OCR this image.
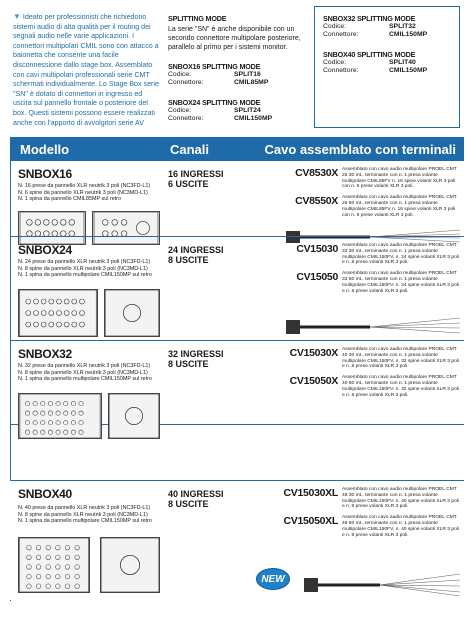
▼ Ideato per professionisti che richiedono sistemi audio di alta qualità per il routing dei segnali audio nelle varie applicazioni. I connettori multipolari CMIL sono con attacco a baionetta che consente una facile disconnessione dallo stage box. Assemblato con cavi multipolari professionali serie CMT schermati individualmente. Lo Stage Box serie "SN" è dotato di connettori in ingresso ed uscita sul pannello frontale o posteriore del box. Questi sistemi possono essere realizzati anche con l'apporto di avvolgitori serie AV
SPLITTING MODE

La serie "SN" è anche disponibile con un secondo connettore multipolare posteriore, parallelo al primo per i sistemi monitor.

SNBOX16 SPLITTING MODE
Codice:	SPLIT16
Connettore:	CMIL85MP
SNBOX24 SPLITTING MODE
Codice:	SPLIT24
Connettore:	CMIL150MP
SNBOX32 SPLITTING MODE
Codice:	SPLIT32
Connettore:	CMIL150MP
SNBOX40 SPLITTING MODE
Codice:	SPLIT40
Connettore:	CMIL150MP
Modello	Canali	Cavo assemblato con terminali
SNBOX16
N. 16 prese da pannello XLR neutrik 3 poli (NC3FD-L1)
N. 6 spine da pannello XLR neutrik 3 poli (NC3MD-L1)
N. 1 spina da pannello CMIL85MP sul retro
16 INGRESSI
6 USCITE
CV8530X Assemblato con cavo audio multipolare PROEL CMT 25 30 mt., terminante con n. 1 presa volante multipolare CMIL85FV n. 16 spine volanti XLR 3 poli con n. 6 prese volanti XLR 3 poli.
CV8550X Assemblato con cavo audio multipolare PROEL CMT 25 50 mt., terminante con n. 1 presa volante multipolare CMIL85FV n. 16 spine volanti XLR 3 poli con n. 6 prese volanti XLR 3 poli.
SNBOX24
N. 24 prese da pannello XLR neutrik 3 poli (NC3FD-L1)
N. 8 spine da pannello XLR neutrik 3 poli (NC3MD-L1)
N. 1 spina da pannello multipolare CMIL150MP sul retro
24 INGRESSI
8 USCITE
CV15030 Assemblato con cavo audio multipolare PROEL CMT 33 30 mt., terminante con n. 1 presa volante multipolare CMIL150FV, n. 24 spine volanti XLR 3 poli e n. 8 prese volanti XLR 3 poli.
CV15050 Assemblato con cavo audio multipolare PROEL CMT 33 50 mt., terminante con n. 1 presa volante multipolare CMIL150FV, n. 24 spine volanti XLR 3 poli e n. 8 prese volanti XLR 3 poli.
SNBOX32
N. 32 prese da pannello XLR neutrik 3 poli (NC3FD-L1)
N. 8 spine da pannello XLR neutrik 3 poli (NC3MD-L1)
N. 1 spina da pannello multipolare CMIL150MP sul retro
32 INGRESSI
8 USCITE
CV15030X Assemblato con cavo audio multipolare PROEL CMT 40 30 mt., terminante con n. 1 presa volante multipolare CMIL150FV, n. 32 spine volanti XLR 3 poli e n. 8 prese volanti XLR 3 poli.
CV15050X Assemblato con cavo audio multipolare PROEL CMT 40 50 mt., terminante con n. 1 presa volante multipolare CMIL150FV, n. 32 spine volanti XLR 3 poli e n. 8 prese volanti XLR 3 poli.
SNBOX40
N. 40 prese da pannello XLR neutrik 3 poli (NC3FD-L1)
N. 8 spine da pannello XLR neutrik 3 poli (NC3MD-L1)
N. 1 spina da pannello multipolare CMIL150MP sul retro
40 INGRESSI
8 USCITE
CV15030XL Assemblato con cavo audio multipolare PROEL CMT 48 30 mt., terminante con n. 1 presa volante multipolare CMIL150FV, n. 40 spine volanti XLR 3 poli e n. 8 prese volanti XLR 3 poli.
CV15050XL Assemblato con cavo audio multipolare PROEL CMT 48 50 mt., terminante con n. 1 presa volante multipolare CMIL150FV, n. 40 spine volanti XLR 3 poli e n. 8 prese volanti XLR 3 poli.
NEW
